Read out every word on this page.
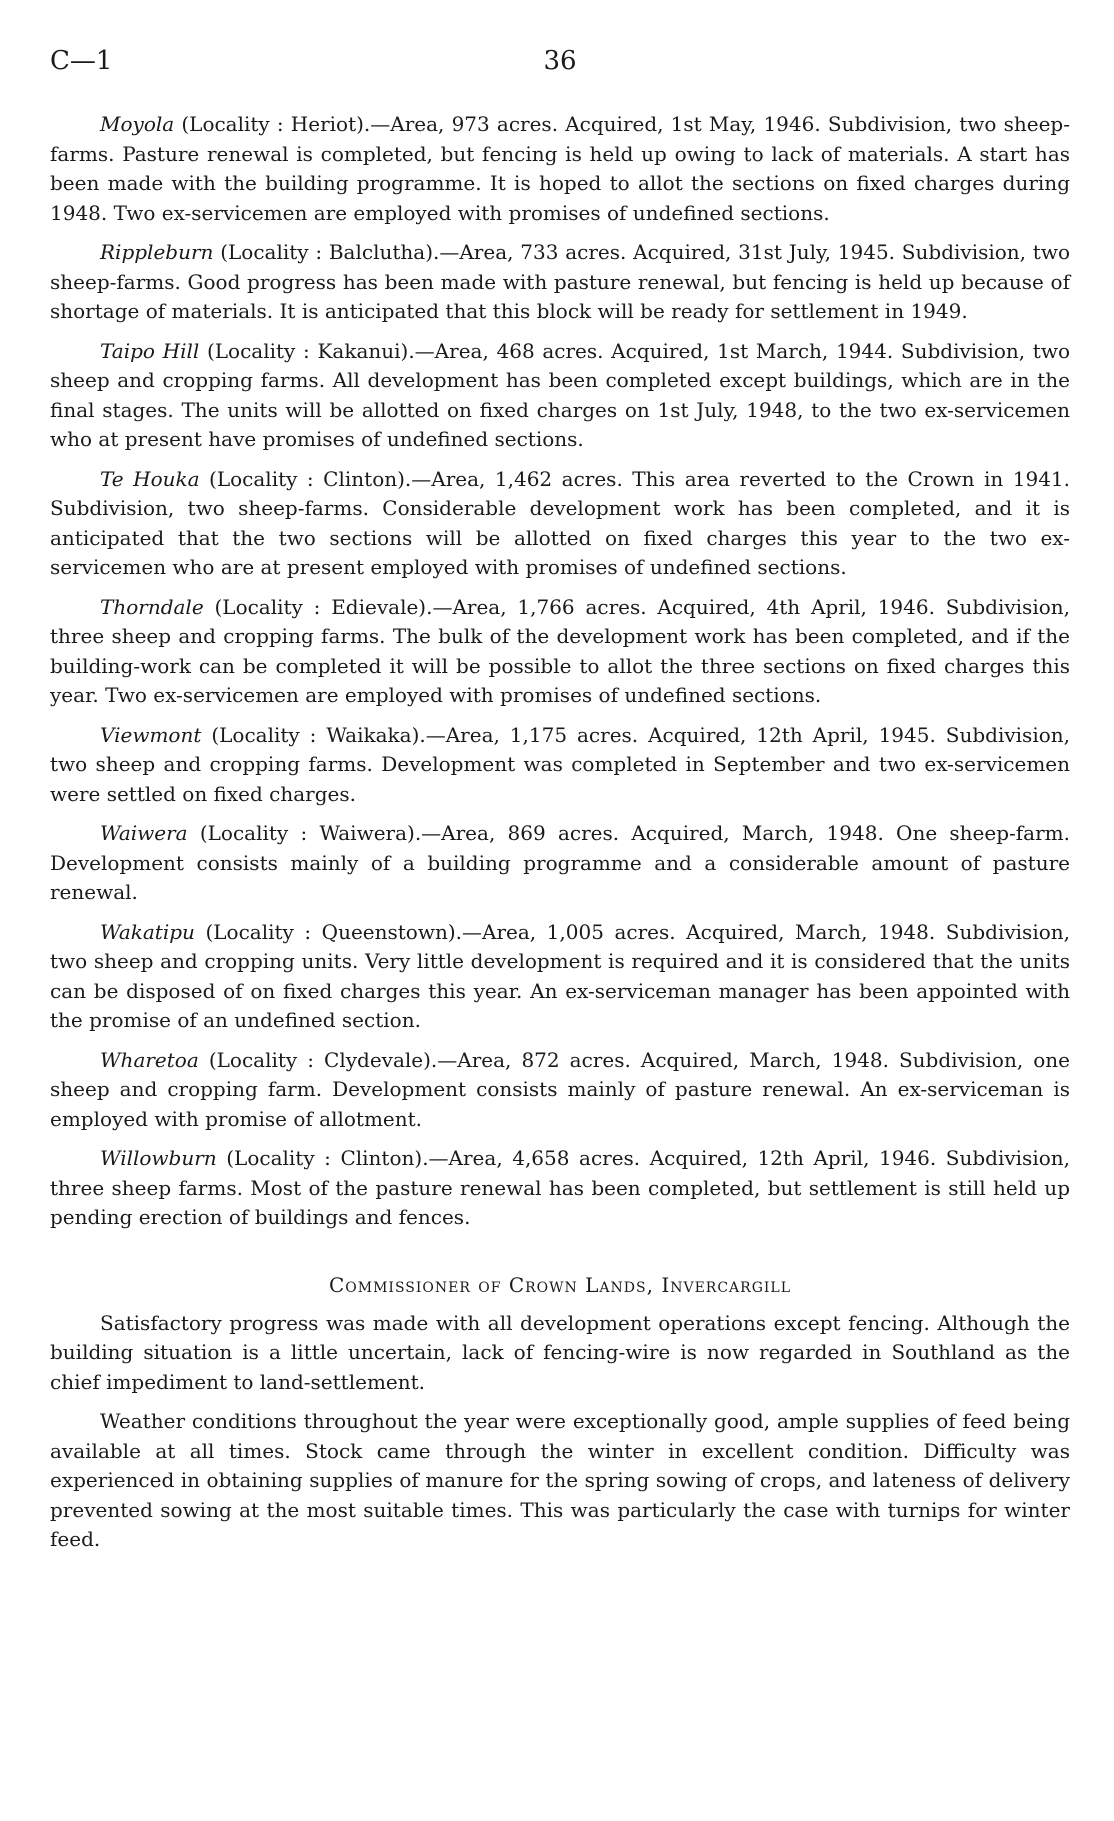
C—1	36

Moyola (Locality : Heriot).—Area, 973 acres. Acquired, 1st May, 1946. Subdivision, two sheep-farms. Pasture renewal is completed, but fencing is held up owing to lack of materials. A start has been made with the building programme. It is hoped to allot the sections on fixed charges during 1948. Two ex-servicemen are employed with promises of undefined sections.

Rippleburn (Locality : Balclutha).—Area, 733 acres. Acquired, 31st July, 1945. Subdivision, two sheep-farms. Good progress has been made with pasture renewal, but fencing is held up because of shortage of materials. It is anticipated that this block will be ready for settlement in 1949.

Taipo Hill (Locality : Kakanui).—Area, 468 acres. Acquired, 1st March, 1944. Subdivision, two sheep and cropping farms. All development has been completed except buildings, which are in the final stages. The units will be allotted on fixed charges on 1st July, 1948, to the two ex-servicemen who at present have promises of undefined sections.

Te Houka (Locality : Clinton).—Area, 1,462 acres. This area reverted to the Crown in 1941. Subdivision, two sheep-farms. Considerable development work has been completed, and it is anticipated that the two sections will be allotted on fixed charges this year to the two ex-servicemen who are at present employed with promises of undefined sections.

Thorndale (Locality : Edievale).—Area, 1,766 acres. Acquired, 4th April, 1946. Subdivision, three sheep and cropping farms. The bulk of the development work has been completed, and if the building-work can be completed it will be possible to allot the three sections on fixed charges this year. Two ex-servicemen are employed with promises of undefined sections.

Viewmont (Locality : Waikaka).—Area, 1,175 acres. Acquired, 12th April, 1945. Subdivision, two sheep and cropping farms. Development was completed in September and two ex-servicemen were settled on fixed charges.

Waiwera (Locality : Waiwera).—Area, 869 acres. Acquired, March, 1948. One sheep-farm. Development consists mainly of a building programme and a considerable amount of pasture renewal.

Wakatipu (Locality : Queenstown).—Area, 1,005 acres. Acquired, March, 1948. Subdivision, two sheep and cropping units. Very little development is required and it is considered that the units can be disposed of on fixed charges this year. An ex-serviceman manager has been appointed with the promise of an undefined section.

Wharetoa (Locality : Clydevale).—Area, 872 acres. Acquired, March, 1948. Subdivision, one sheep and cropping farm. Development consists mainly of pasture renewal. An ex-serviceman is employed with promise of allotment.

Willowburn (Locality : Clinton).—Area, 4,658 acres. Acquired, 12th April, 1946. Subdivision, three sheep farms. Most of the pasture renewal has been completed, but settlement is still held up pending erection of buildings and fences.

Commissioner of Crown Lands, Invercargill

Satisfactory progress was made with all development operations except fencing. Although the building situation is a little uncertain, lack of fencing-wire is now regarded in Southland as the chief impediment to land-settlement.

Weather conditions throughout the year were exceptionally good, ample supplies of feed being available at all times. Stock came through the winter in excellent condition. Difficulty was experienced in obtaining supplies of manure for the spring sowing of crops, and lateness of delivery prevented sowing at the most suitable times. This was particularly the case with turnips for winter feed.
